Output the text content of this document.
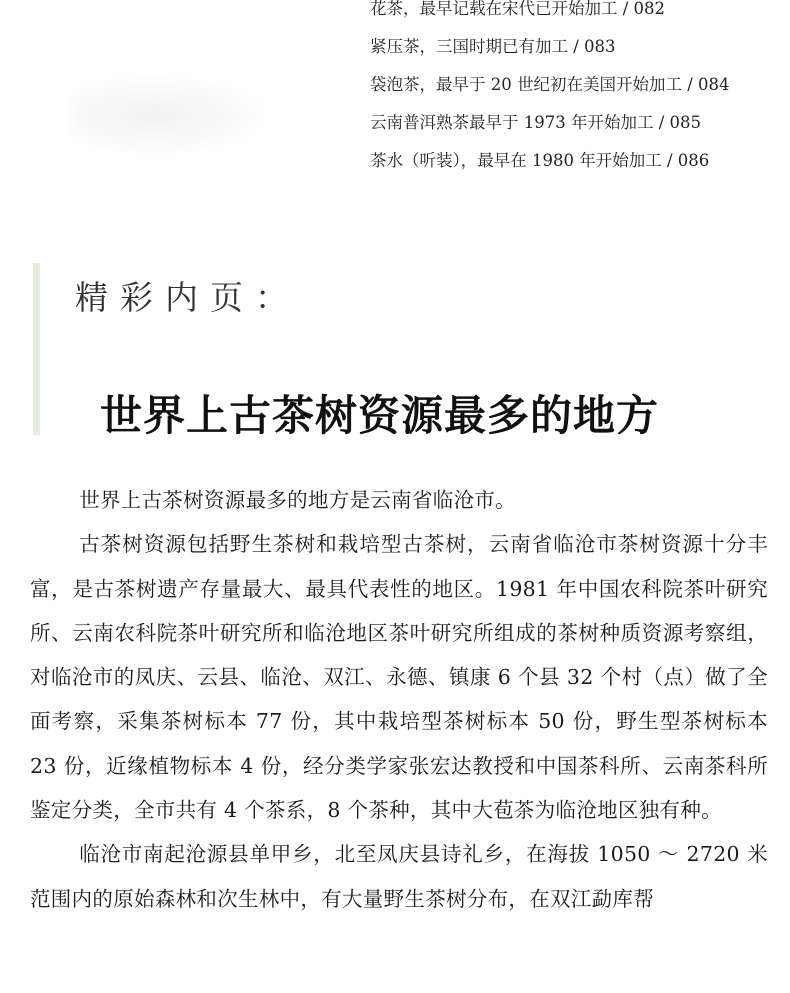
花茶，最早记载在宋代已开始加工 / 082
紧压茶，三国时期已有加工 / 083
袋泡茶，最早于 20 世纪初在美国开始加工 / 084
云南普洱熟茶最早于 1973 年开始加工 / 085
茶水（听装），最早在 1980 年开始加工 / 086
精彩内页：
世界上古茶树资源最多的地方

世界上古茶树资源最多的地方是云南省临沧市。

古茶树资源包括野生茶树和栽培型古茶树，云南省临沧市茶树资源十分丰富，是古茶树遗产存量最大、最具代表性的地区。1981 年中国农科院茶叶研究所、云南农科院茶叶研究所和临沧地区茶叶研究所组成的茶树种质资源考察组，对临沧市的凤庆、云县、临沧、双江、永德、镇康 6 个县 32 个村（点）做了全面考察，采集茶树标本 77 份，其中栽培型茶树标本 50 份，野生型茶树标本 23 份，近缘植物标本 4 份，经分类学家张宏达教授和中国茶科所、云南茶科所鉴定分类，全市共有 4 个茶系，8 个茶种，其中大苞茶为临沧地区独有种。

临沧市南起沧源县单甲乡，北至凤庆县诗礼乡，在海拔 1050 ～ 2720 米范围内的原始森林和次生林中，有大量野生茶树分布，在双江勐库帮
